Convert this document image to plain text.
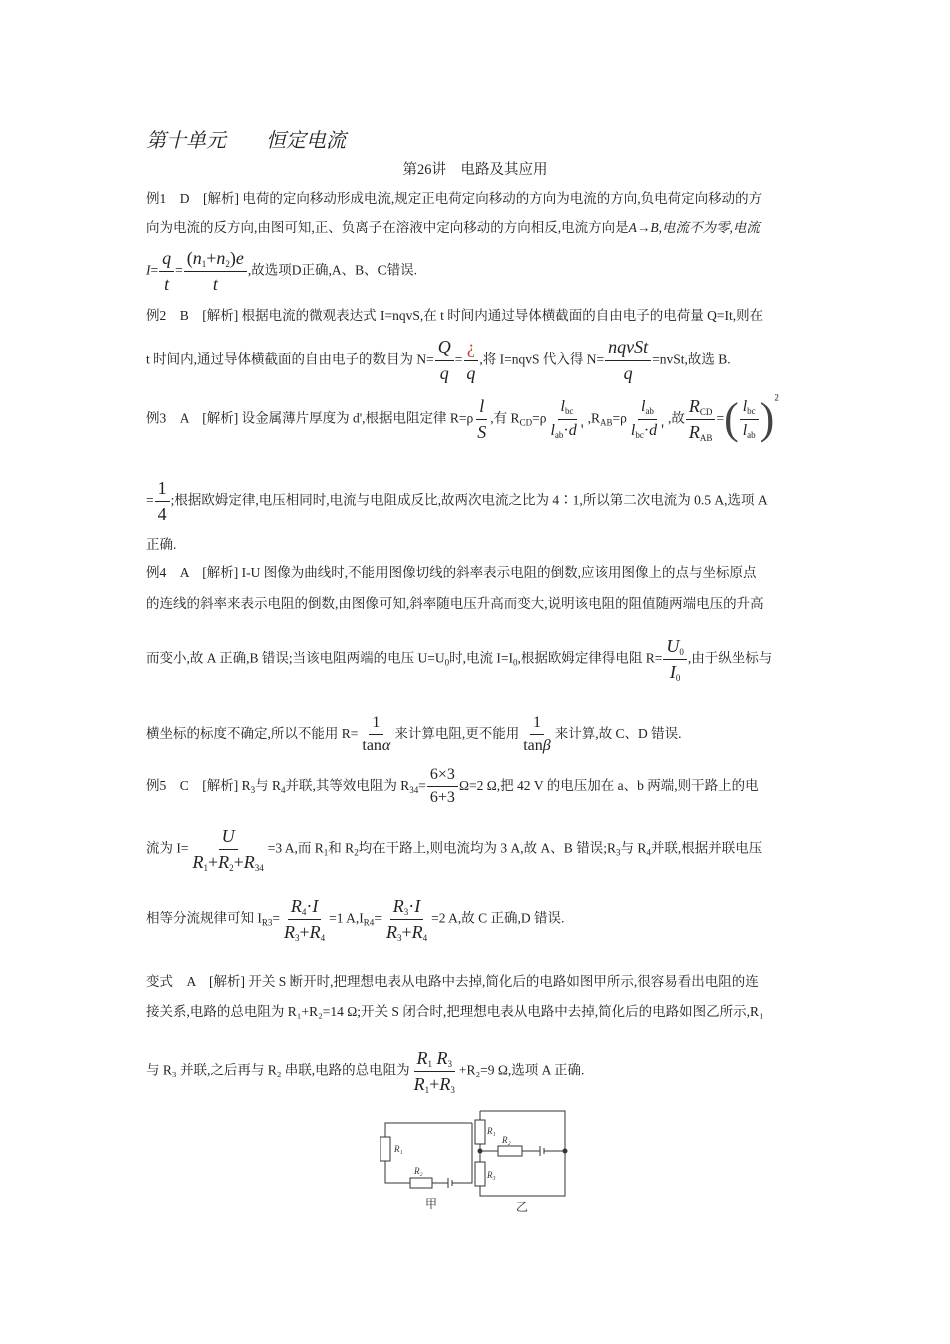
第十单元　　恒定电流
第26讲　电路及其应用
例1　D　[解析] 电荷的定向移动形成电流,规定正电荷定向移动的方向为电流的方向,负电荷定向移动的方
向为电流的反方向,由图可知,正、负离子在溶液中定向移动的方向相反,电流方向是A→B,电流不为零,电流
$I= \frac{q}{t} = \frac{(n_1+n_2)e}{t}$ ,故选项D正确,A、B、C错误.
例2　B　[解析] 根据电流的微观表达式 I=nqvS,在 t 时间内通过导体横截面的自由电子的电荷量 Q=It,则在
t 时间内,通过导体横截面的自由电子的数目为 $N= \frac{Q}{q} = \frac{¿}{q}$ ,将 I=nqvS 代入得 $N= \frac{\text{nqvSt}}{q}$ =nvSt,故选 B.
例3　A　[解析] 设金属薄片厚度为 d',根据电阻定律 $R=\rho \frac{l}{S}$ ,有 $R_{CD}=\rho \frac{l_{bc}}{l_{ab}\cdot d '} ,R_{AB}=\rho \frac{l_{ab}}{l_{bc}\cdot d '}$ ,故 $\frac{R_{CD}}{R_{AB}}$ =( $\frac{l_{bc}}{l_{ab}} )^2$
= $\frac{1}{4}$ ;根据欧姆定律,电压相同时,电流与电阻成反比,故两次电流之比为 4∶1,所以第二次电流为 0.5 A,选项 A
正确.
例4　A　[解析] I-U 图像为曲线时,不能用图像切线的斜率表示电阻的倒数,应该用图像上的点与坐标原点
的连线的斜率来表示电阻的倒数,由图像可知,斜率随电压升高而变大,说明该电阻的阻值随两端电压的升高
而变小,故 A 正确,B 错误;当该电阻两端的电压 $U=U_0$时,电流 $I=I_0$,根据欧姆定律得电阻 $R= \frac{U_0}{I_0}$ ,由于纵坐标与
横坐标的标度不确定,所以不能用 $R= \frac{1}{\tan\alpha}$ 来计算电阻,更不能用 $\frac{1}{\tan\beta}$ 来计算,故 C、D 错误.
例5　C　[解析] $R_3$与 $R_4$并联,其等效电阻为 $R_{34}= \frac{6\times 3}{6+3} \Omega=2$ Ω,把 42 V 的电压加在 a、b 两端,则干路上的电
流为 $I= \frac{U}{R_1+R_2+R_{34}} =3$ A,而 $R_1$和 $R_2$均在干路上,则电流均为 3 A,故 A、B 错误$;R_3$与 $R_4$并联,根据并联电压
相等分流规律可知 $I_{R3}= \frac{R_4\cdot I}{R_3+R_4} =1$ $A,I_{R4}= \frac{R_3\cdot I}{R_3+R_4} =2$ A,故 C 正确,D 错误.
变式　A　[解析] 开关 S 断开时,把理想电表从电路中去掉,简化后的电路如图甲所示,很容易看出电阻的连
接关系,电路的总电阻为 R₁+R₂=14 Ω;开关 S 闭合时,把理想电表从电路中去掉,简化后的电路如图乙所示,R₁
与 R₃ 并联,之后再与 R₂ 串联,电路的总电阻为 $\frac{R_1 R_3}{R_1+R_3} +R_2=9$ Ω,选项 A 正确.
R₁
R₂
R₁
R₂
R₃
甲	乙
